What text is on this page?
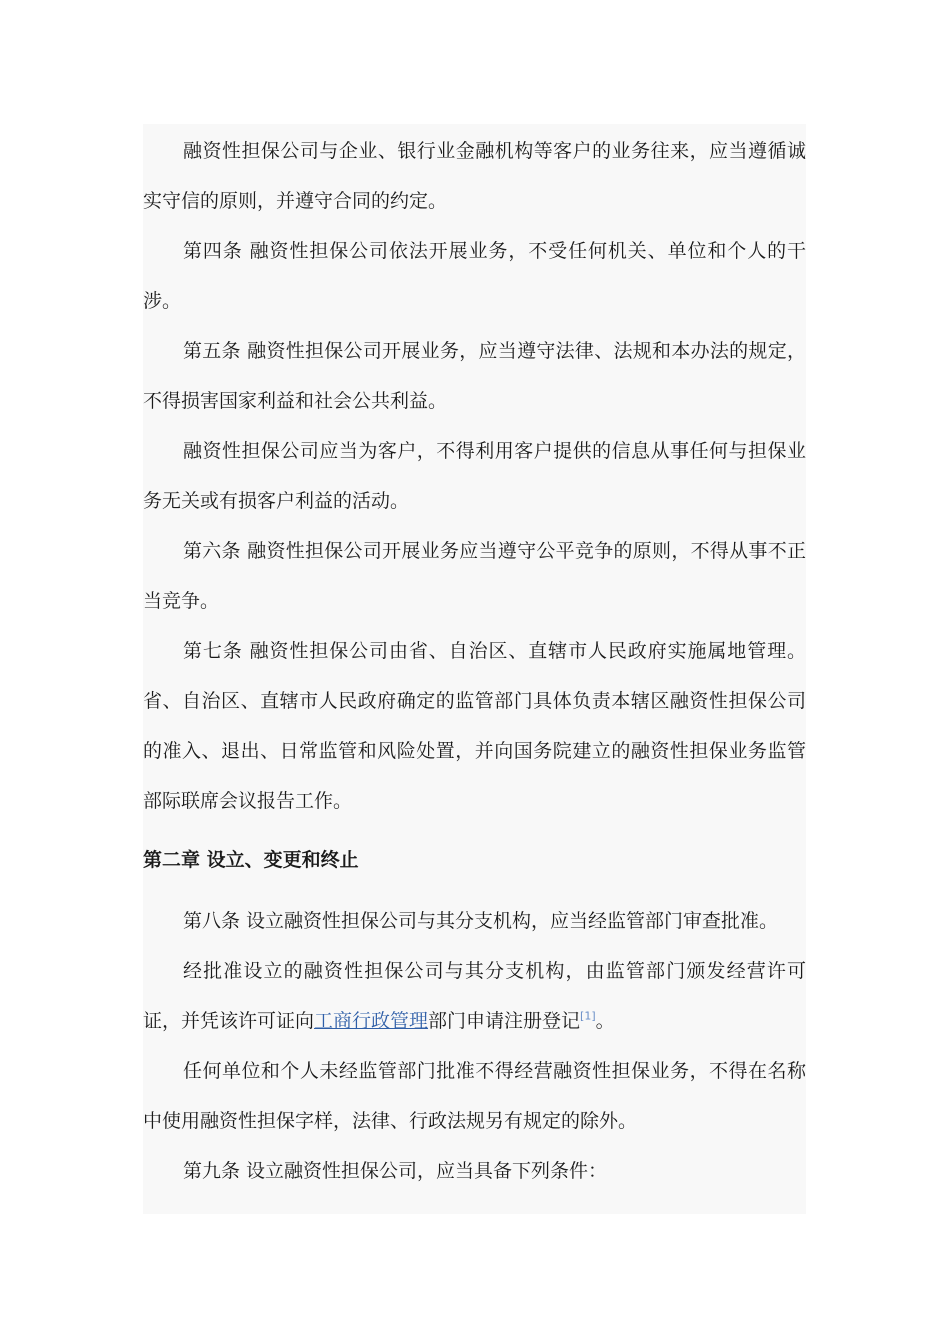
融资性担保公司与企业、银行业金融机构等客户的业务往来，应当遵循诚实守信的原则，并遵守合同的约定。

第四条 融资性担保公司依法开展业务，不受任何机关、单位和个人的干涉。

第五条 融资性担保公司开展业务，应当遵守法律、法规和本办法的规定，不得损害国家利益和社会公共利益。

融资性担保公司应当为客户，不得利用客户提供的信息从事任何与担保业务无关或有损客户利益的活动。

第六条 融资性担保公司开展业务应当遵守公平竞争的原则，不得从事不正当竞争。

第七条 融资性担保公司由省、自治区、直辖市人民政府实施属地管理。省、自治区、直辖市人民政府确定的监管部门具体负责本辖区融资性担保公司的准入、退出、日常监管和风险处置，并向国务院建立的融资性担保业务监管部际联席会议报告工作。

第二章 设立、变更和终止

第八条 设立融资性担保公司与其分支机构，应当经监管部门审查批准。

经批准设立的融资性担保公司与其分支机构，由监管部门颁发经营许可证，并凭该许可证向工商行政管理部门申请注册登记[1]。

任何单位和个人未经监管部门批准不得经营融资性担保业务，不得在名称中使用融资性担保字样，法律、行政法规另有规定的除外。

第九条 设立融资性担保公司，应当具备下列条件：
